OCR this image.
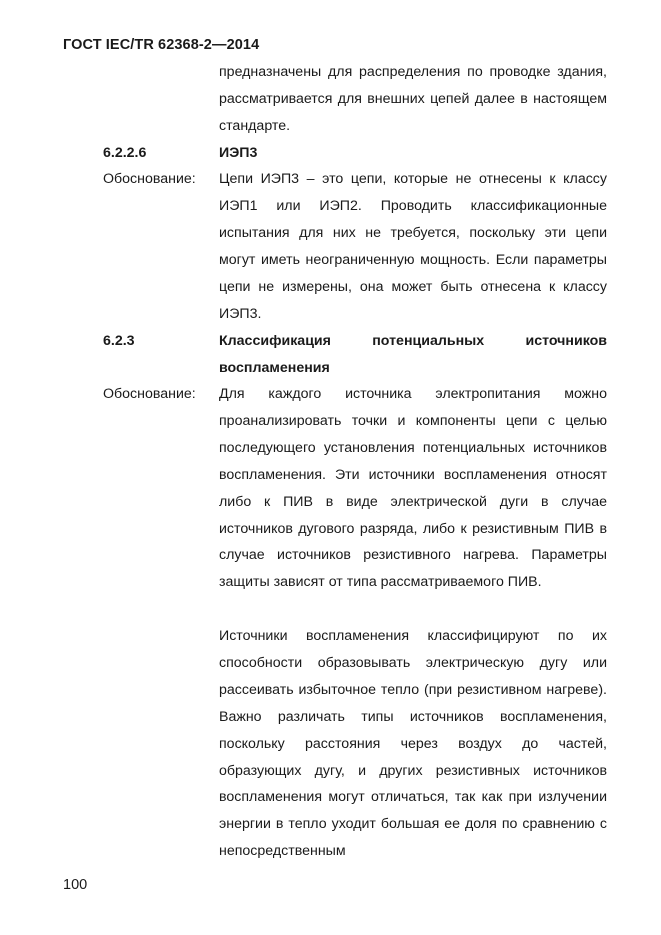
ГОСТ IEC/TR 62368-2—2014
предназначены для распределения по проводке здания, рассматривается для внешних цепей далее в настоящем стандарте.
6.2.2.6	ИЭП3
Обоснование: Цепи ИЭП3 – это цепи, которые не отнесены к классу ИЭП1 или ИЭП2. Проводить классификационные испытания для них не требуется, поскольку эти цепи могут иметь неограниченную мощность. Если параметры цепи не измерены, она может быть отнесена к классу ИЭП3.
6.2.3	Классификация потенциальных источников воспламенения
Обоснование: Для каждого источника электропитания можно проанализировать точки и компоненты цепи с целью последующего установления потенциальных источников воспламенения. Эти источники воспламенения относят либо к ПИВ в виде электрической дуги в случае источников дугового разряда, либо к резистивным ПИВ в случае источников резистивного нагрева. Параметры защиты зависят от типа рассматриваемого ПИВ.
Источники воспламенения классифицируют по их способности образовывать электрическую дугу или рассеивать избыточное тепло (при резистивном нагреве). Важно различать типы источников воспламенения, поскольку расстояния через воздух до частей, образующих дугу, и других резистивных источников воспламенения могут отличаться, так как при излучении энергии в тепло уходит большая ее доля по сравнению с непосредственным
100
